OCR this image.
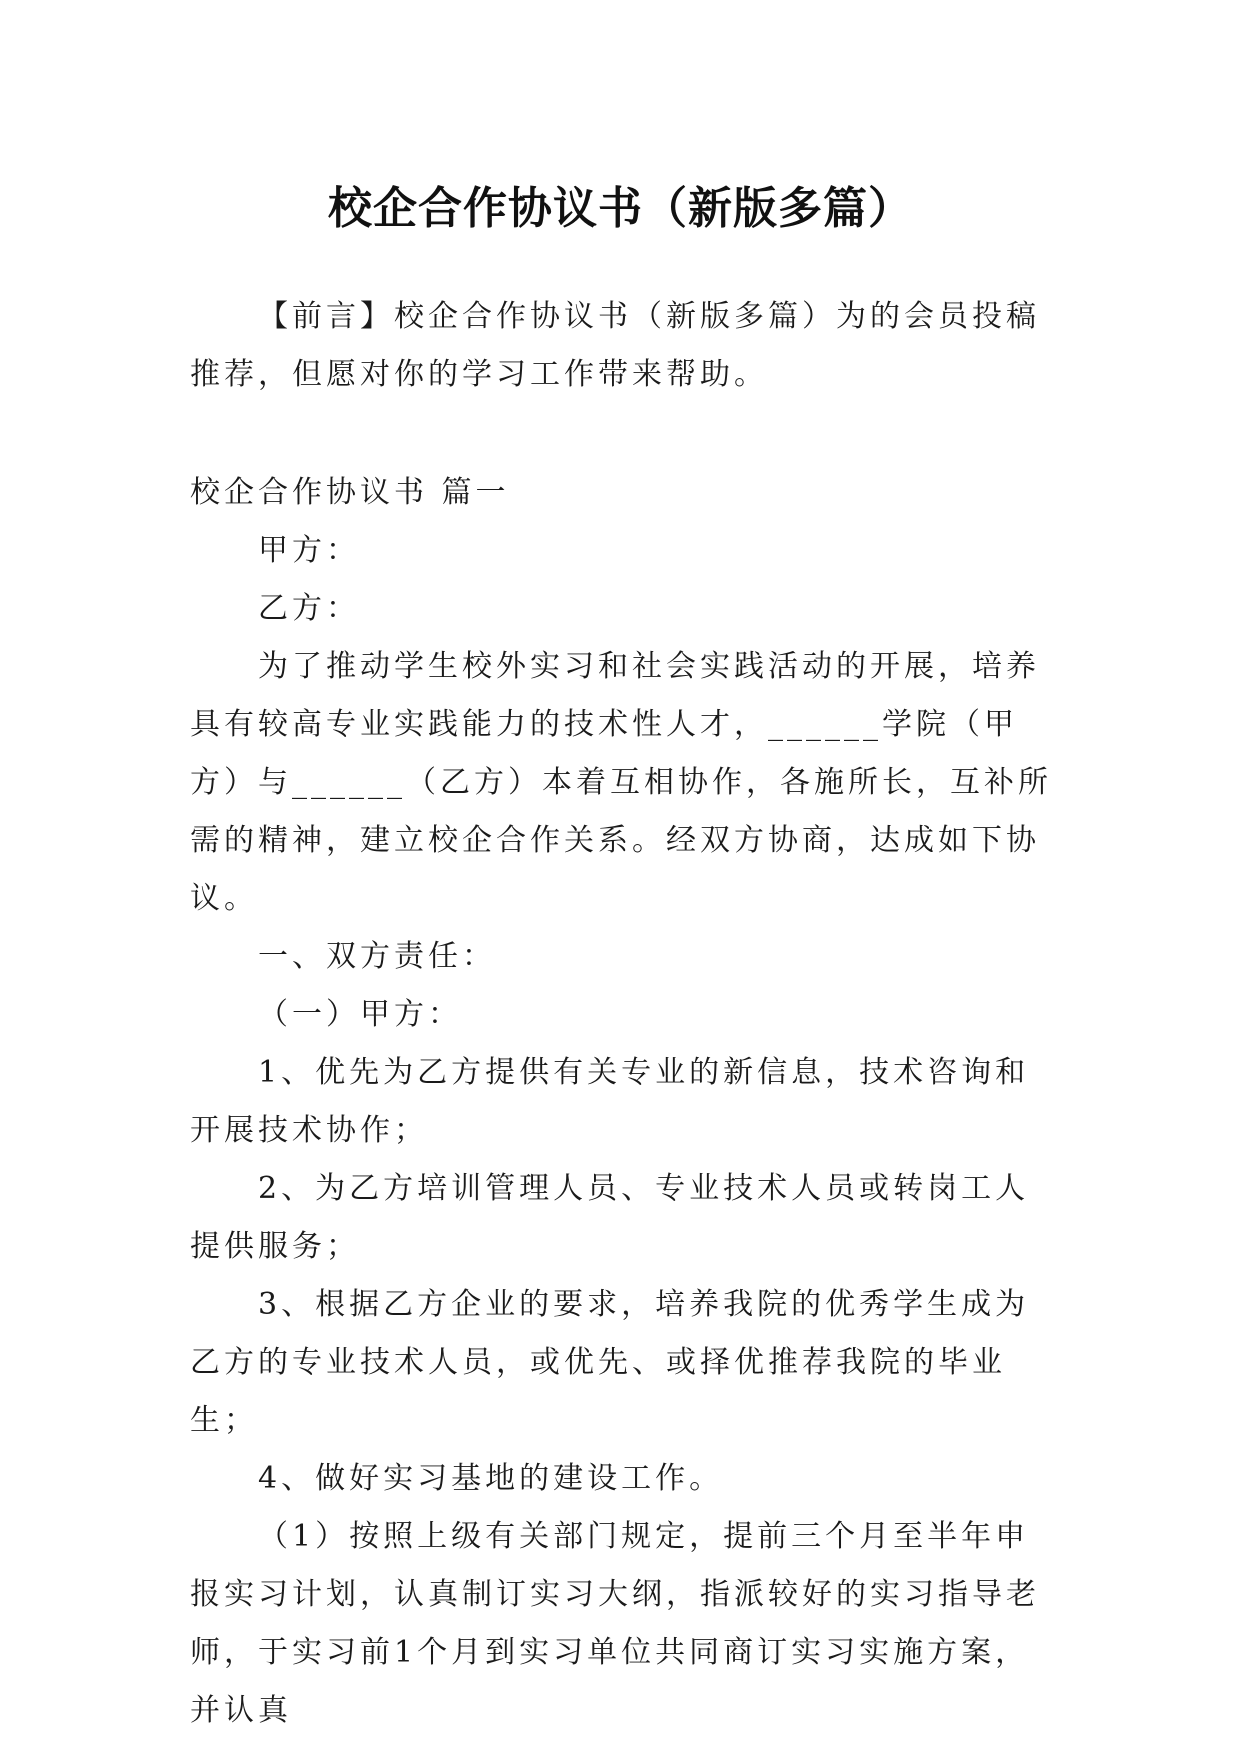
校企合作协议书（新版多篇）

【前言】校企合作协议书（新版多篇）为的会员投稿推荐，但愿对你的学习工作带来帮助。

校企合作协议书 篇一

甲方：

乙方：

为了推动学生校外实习和社会实践活动的开展，培养具有较高专业实践能力的技术性人才，______学院（甲方）与______（乙方）本着互相协作，各施所长，互补所需的精神，建立校企合作关系。经双方协商，达成如下协议。

一、双方责任：

（一）甲方：

1、优先为乙方提供有关专业的新信息，技术咨询和开展技术协作；

2、为乙方培训管理人员、专业技术人员或转岗工人提供服务；

3、根据乙方企业的要求，培养我院的优秀学生成为乙方的专业技术人员，或优先、或择优推荐我院的毕业生；

4、做好实习基地的建设工作。

（1）按照上级有关部门规定，提前三个月至半年申报实习计划，认真制订实习大纲，指派较好的实习指导老师，于实习前1个月到实习单位共同商订实习实施方案，并认真
